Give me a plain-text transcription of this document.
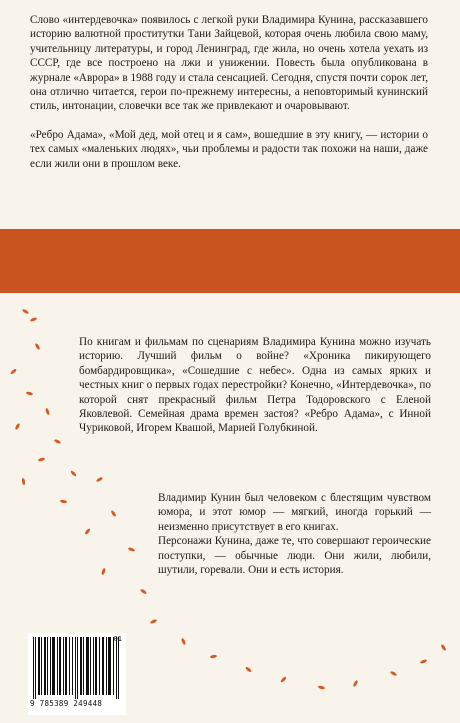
Слово «интердевочка» появилось с легкой руки Владимира Кунина, рассказавшего историю валютной проститутки Тани Зайцевой, которая очень любила свою маму, учительницу литературы, и город Ленинград, где жила, но очень хотела уехать из СССР, где все построено на лжи и унижении. Повесть была опубликована в журнале «Аврора» в 1988 году и стала сенсацией. Сегодня, спустя почти сорок лет, она отлично читается, герои по-прежнему интересны, а неповторимый кунинский стиль, интонации, словечки все так же привлекают и очаровывают.

«Ребро Адама», «Мой дед, мой отец и я сам», вошедшие в эту книгу, — истории о тех самых «маленьких людях», чьи проблемы и радости так похожи на наши, даже если жили они в прошлом веке.

По книгам и фильмам по сценариям Владимира Кунина можно изучать историю. Лучший фильм о войне? «Хроника пикирующего бомбардировщика», «Сошедшие с небес». Одна из самых ярких и честных книг о первых годах перестройки? Конечно, «Интердевочка», по которой снят прекрасный фильм Петра Тодоровского с Еленой Яковлевой. Семейная драма времен застоя? «Ребро Адама», с Инной Чуриковой, Игорем Квашой, Марией Голубкиной.

Владимир Кунин был человеком с блестящим чувством юмора, и этот юмор — мягкий, иногда горький — неизменно присутствует в его книгах.

Персонажи Кунина, даже те, что совершают героические поступки, — обычные люди. Они жили, любили, шутили, горевали. Они и есть история.

01
9 785389 249448
